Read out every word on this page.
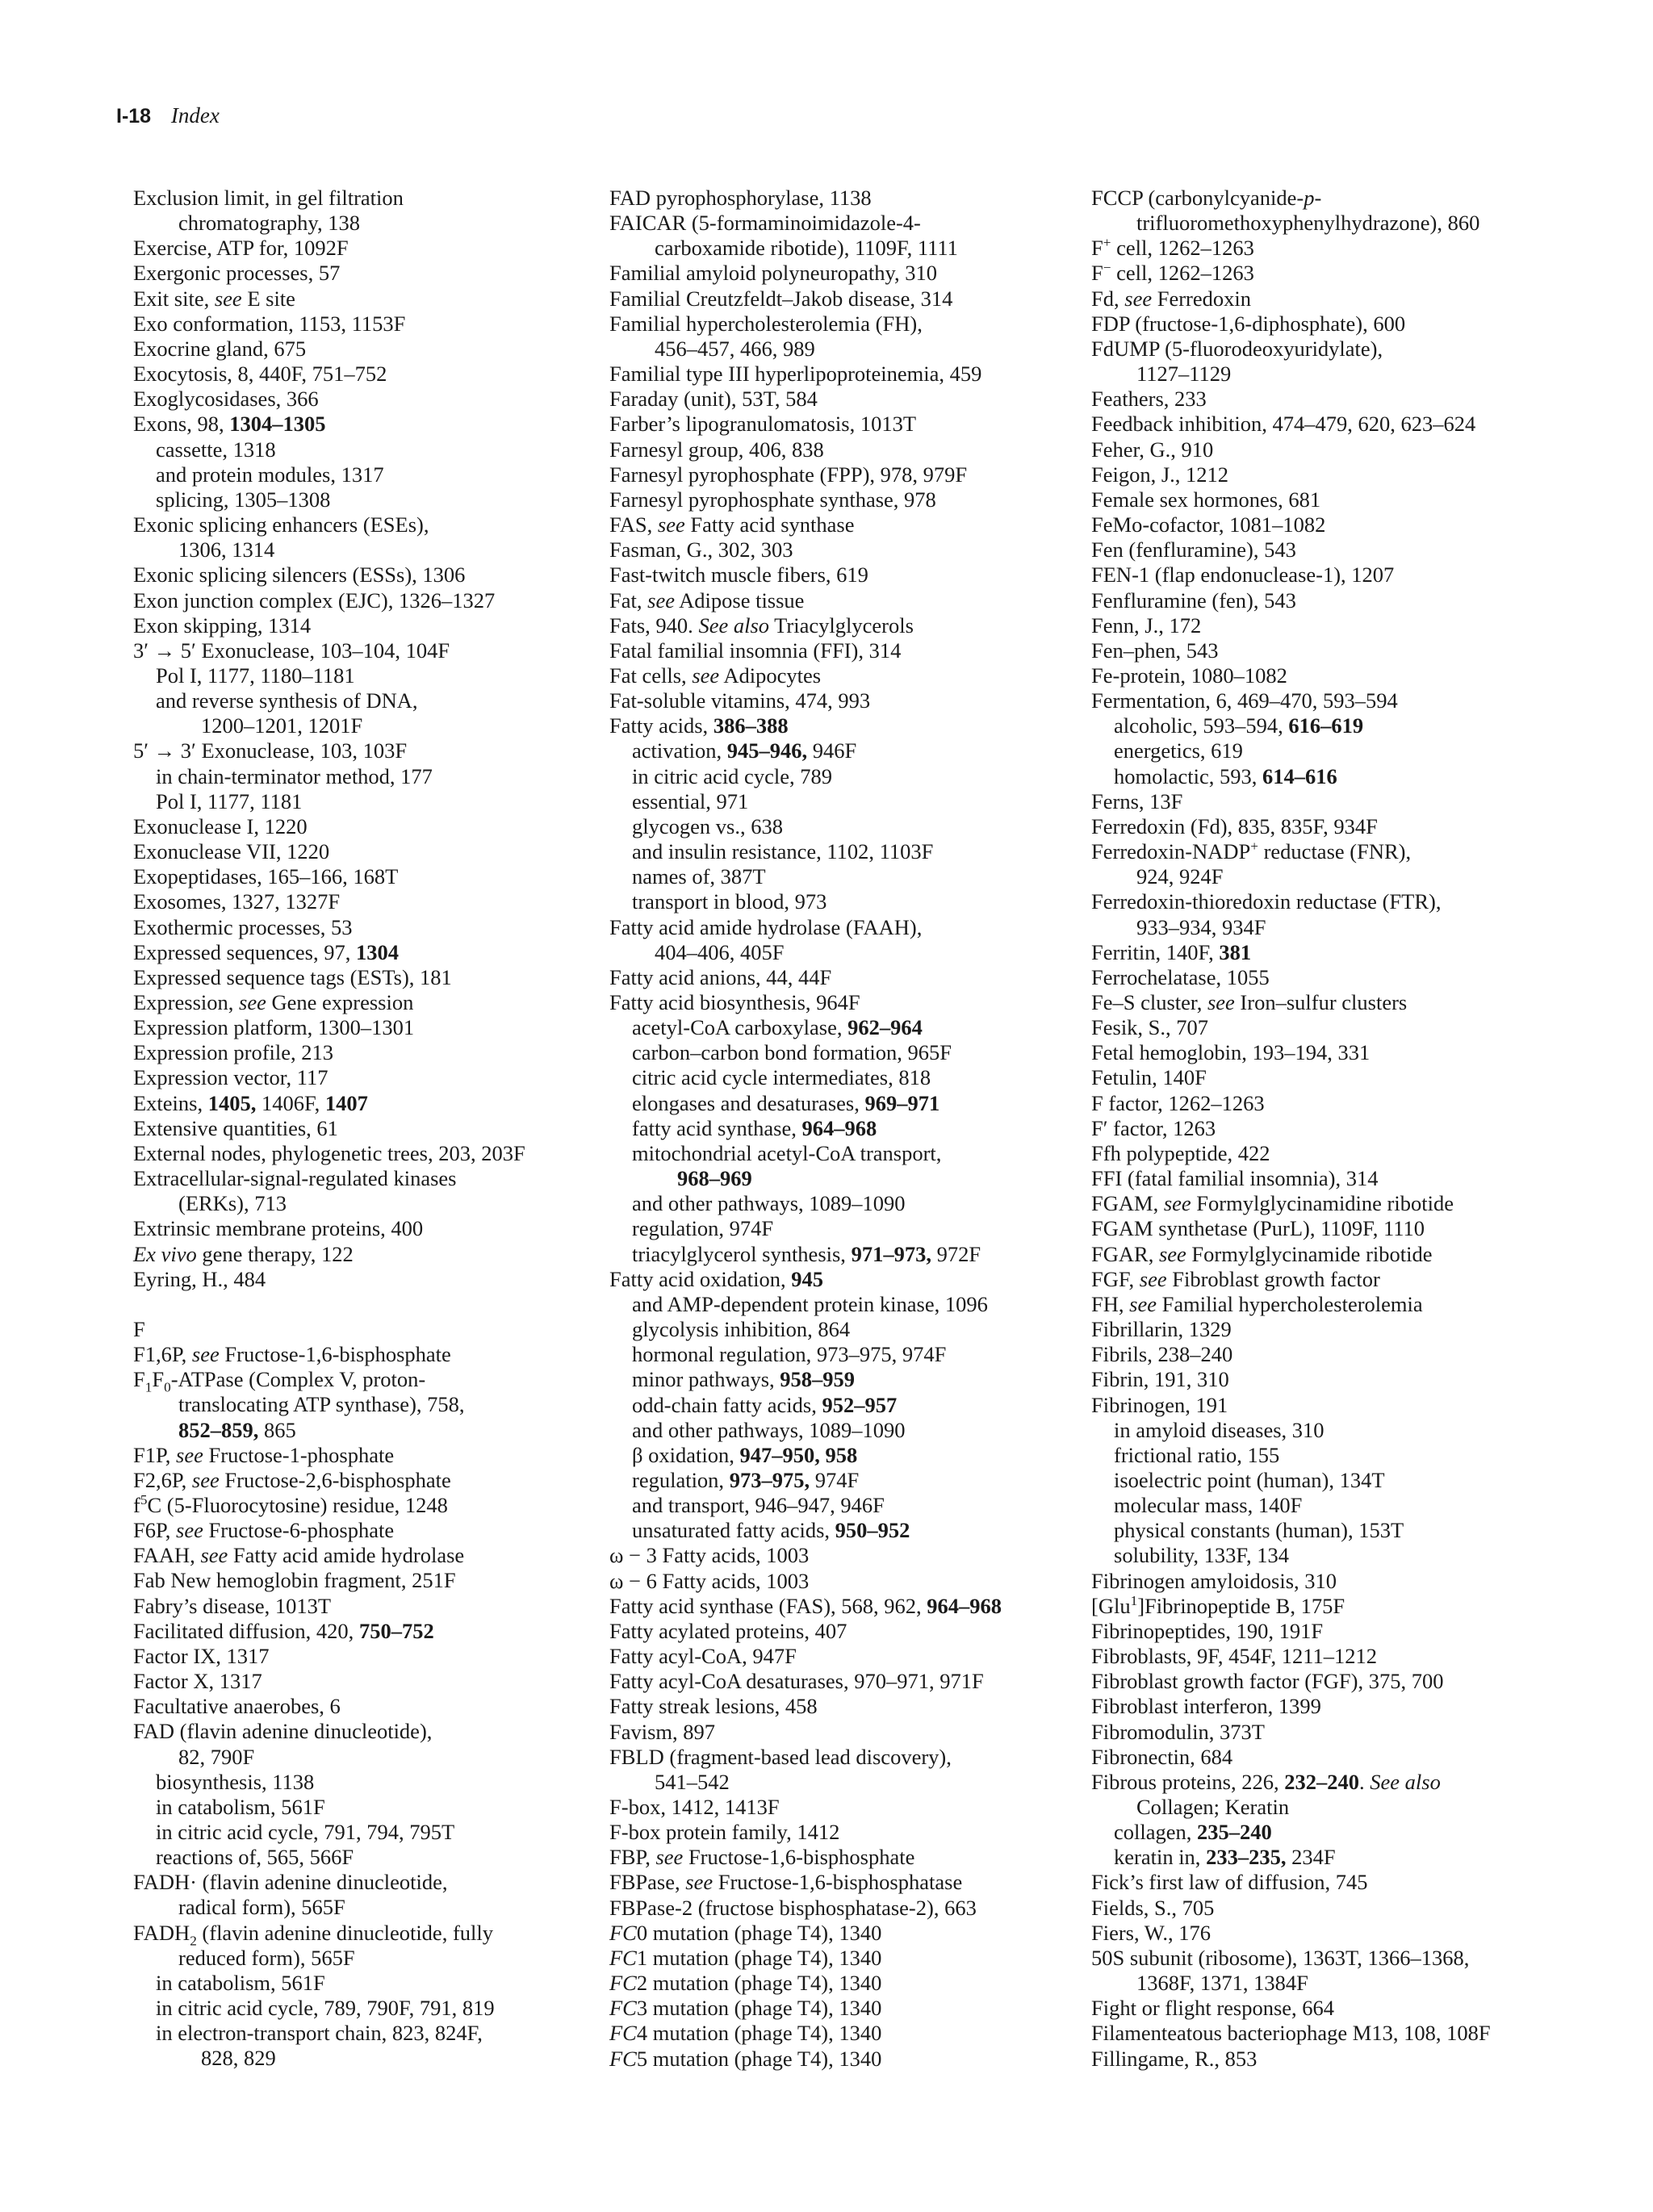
I-18 Index
Exclusion limit, in gel filtration
chromatography, 138
Exercise, ATP for, 1092F
Exergonic processes, 57
Exit site, see E site
Exo conformation, 1153, 1153F
Exocrine gland, 675
Exocytosis, 8, 440F, 751–752
Exoglycosidases, 366
Exons, 98, 1304–1305
cassette, 1318
and protein modules, 1317
splicing, 1305–1308
Exonic splicing enhancers (ESEs),
1306, 1314
Exonic splicing silencers (ESSs), 1306
Exon junction complex (EJC), 1326–1327
Exon skipping, 1314
3′ → 5′ Exonuclease, 103–104, 104F
Pol I, 1177, 1180–1181
and reverse synthesis of DNA,
1200–1201, 1201F
5′ → 3′ Exonuclease, 103, 103F
in chain-terminator method, 177
Pol I, 1177, 1181
Exonuclease I, 1220
Exonuclease VII, 1220
Exopeptidases, 165–166, 168T
Exosomes, 1327, 1327F
Exothermic processes, 53
Expressed sequences, 97, 1304
Expressed sequence tags (ESTs), 181
Expression, see Gene expression
Expression platform, 1300–1301
Expression profile, 213
Expression vector, 117
Exteins, 1405, 1406F, 1407
Extensive quantities, 61
External nodes, phylogenetic trees, 203, 203F
Extracellular-signal-regulated kinases
(ERKs), 713
Extrinsic membrane proteins, 400
Ex vivo gene therapy, 122
Eyring, H., 484
F
F1,6P, see Fructose-1,6-bisphosphate
$F_1F_0$-ATPase (Complex V, proton-
translocating ATP synthase), 758,
852–859, 865
F1P, see Fructose-1-phosphate
F2,6P, see Fructose-2,6-bisphosphate
$f^5C$ (5-Fluorocytosine) residue, 1248
F6P, see Fructose-6-phosphate
FAAH, see Fatty acid amide hydrolase
Fab New hemoglobin fragment, 251F
Fabry’s disease, 1013T
Facilitated diffusion, 420, 750–752
Factor IX, 1317
Factor X, 1317
Facultative anaerobes, 6
FAD (flavin adenine dinucleotide),
82, 790F
biosynthesis, 1138
in catabolism, 561F
in citric acid cycle, 791, 794, 795T
reactions of, 565, 566F
FADH· (flavin adenine dinucleotide,
radical form), 565F
$FADH_2$ (flavin adenine dinucleotide, fully
reduced form), 565F
in catabolism, 561F
in citric acid cycle, 789, 790F, 791, 819
in electron-transport chain, 823, 824F,
828, 829
FAD pyrophosphorylase, 1138
FAICAR (5-formaminoimidazole-4-
carboxamide ribotide), 1109F, 1111
Familial amyloid polyneuropathy, 310
Familial Creutzfeldt–Jakob disease, 314
Familial hypercholesterolemia (FH),
456–457, 466, 989
Familial type III hyperlipoproteinemia, 459
Faraday (unit), 53T, 584
Farber’s lipogranulomatosis, 1013T
Farnesyl group, 406, 838
Farnesyl pyrophosphate (FPP), 978, 979F
Farnesyl pyrophosphate synthase, 978
FAS, see Fatty acid synthase
Fasman, G., 302, 303
Fast-twitch muscle fibers, 619
Fat, see Adipose tissue
Fats, 940. See also Triacylglycerols
Fatal familial insomnia (FFI), 314
Fat cells, see Adipocytes
Fat-soluble vitamins, 474, 993
Fatty acids, 386–388
activation, 945–946, 946F
in citric acid cycle, 789
essential, 971
glycogen vs., 638
and insulin resistance, 1102, 1103F
names of, 387T
transport in blood, 973
Fatty acid amide hydrolase (FAAH),
404–406, 405F
Fatty acid anions, 44, 44F
Fatty acid biosynthesis, 964F
acetyl-CoA carboxylase, 962–964
carbon–carbon bond formation, 965F
citric acid cycle intermediates, 818
elongases and desaturases, 969–971
fatty acid synthase, 964–968
mitochondrial acetyl-CoA transport,
968–969
and other pathways, 1089–1090
regulation, 974F
triacylglycerol synthesis, 971–973, 972F
Fatty acid oxidation, 945
and AMP-dependent protein kinase, 1096
glycolysis inhibition, 864
hormonal regulation, 973–975, 974F
minor pathways, 958–959
odd-chain fatty acids, 952–957
and other pathways, 1089–1090
β oxidation, 947–950, 958
regulation, 973–975, 974F
and transport, 946–947, 946F
unsaturated fatty acids, 950–952
ω − 3 Fatty acids, 1003
ω − 6 Fatty acids, 1003
Fatty acid synthase (FAS), 568, 962, 964–968
Fatty acylated proteins, 407
Fatty acyl-CoA, 947F
Fatty acyl-CoA desaturases, 970–971, 971F
Fatty streak lesions, 458
Favism, 897
FBLD (fragment-based lead discovery),
541–542
F-box, 1412, 1413F
F-box protein family, 1412
FBP, see Fructose-1,6-bisphosphate
FBPase, see Fructose-1,6-bisphosphatase
FBPase-2 (fructose bisphosphatase-2), 663
FC0 mutation (phage T4), 1340
FC1 mutation (phage T4), 1340
FC2 mutation (phage T4), 1340
FC3 mutation (phage T4), 1340
FC4 mutation (phage T4), 1340
FC5 mutation (phage T4), 1340
FCCP (carbonylcyanide-p-
trifluoromethoxyphenylhydrazone), 860
F+ cell, 1262–1263
F− cell, 1262–1263
Fd, see Ferredoxin
FDP (fructose-1,6-diphosphate), 600
FdUMP (5-fluorodeoxyuridylate),
1127–1129
Feathers, 233
Feedback inhibition, 474–479, 620, 623–624
Feher, G., 910
Feigon, J., 1212
Female sex hormones, 681
FeMo-cofactor, 1081–1082
Fen (fenfluramine), 543
FEN-1 (flap endonuclease-1), 1207
Fenfluramine (fen), 543
Fenn, J., 172
Fen–phen, 543
Fe-protein, 1080–1082
Fermentation, 6, 469–470, 593–594
alcoholic, 593–594, 616–619
energetics, 619
homolactic, 593, 614–616
Ferns, 13F
Ferredoxin (Fd), 835, 835F, 934F
Ferredoxin-NADP+ reductase (FNR),
924, 924F
Ferredoxin-thioredoxin reductase (FTR),
933–934, 934F
Ferritin, 140F, 381
Ferrochelatase, 1055
Fe–S cluster, see Iron–sulfur clusters
Fesik, S., 707
Fetal hemoglobin, 193–194, 331
Fetulin, 140F
F factor, 1262–1263
F′ factor, 1263
Ffh polypeptide, 422
FFI (fatal familial insomnia), 314
FGAM, see Formylglycinamidine ribotide
FGAM synthetase (PurL), 1109F, 1110
FGAR, see Formylglycinamide ribotide
FGF, see Fibroblast growth factor
FH, see Familial hypercholesterolemia
Fibrillarin, 1329
Fibrils, 238–240
Fibrin, 191, 310
Fibrinogen, 191
in amyloid diseases, 310
frictional ratio, 155
isoelectric point (human), 134T
molecular mass, 140F
physical constants (human), 153T
solubility, 133F, 134
Fibrinogen amyloidosis, 310
[Glu$^1$]Fibrinopeptide B, 175F
Fibrinopeptides, 190, 191F
Fibroblasts, 9F, 454F, 1211–1212
Fibroblast growth factor (FGF), 375, 700
Fibroblast interferon, 1399
Fibromodulin, 373T
Fibronectin, 684
Fibrous proteins, 226, 232–240. See also
Collagen; Keratin
collagen, 235–240
keratin in, 233–235, 234F
Fick’s first law of diffusion, 745
Fields, S., 705
Fiers, W., 176
50S subunit (ribosome), 1363T, 1366–1368,
1368F, 1371, 1384F
Fight or flight response, 664
Filamenteatous bacteriophage M13, 108, 108F
Fillingame, R., 853
